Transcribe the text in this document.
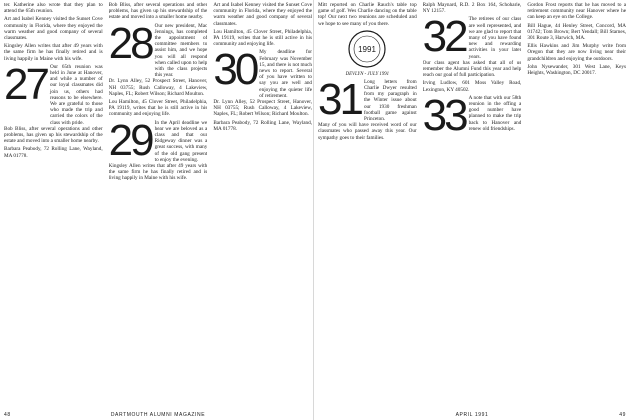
ter. Katherine also wrote that they plan to attend the 65th reunion.
Art and Isabel Kenney visited the Sunset Cove community in Florida, where they enjoyed the warm weather and good company of several classmates.
Kingsley Allen writes that after 49 years with the same firm he has finally retired and is living happily in Maine with his wife.
27 Our 65th reunion was held in June at Hanover, and while a number of our loyal classmates did join us, others had reasons to be elsewhere. We are grateful to those who made the trip and carried the colors of the class with pride.
Bob Bliss, after several operations and other problems, has given up his stewardship of the estate and moved into a smaller home nearby.
Barbara Peabody, 72 Rolling Lane, Wayland, MA 01778.
Bob Bliss, after several operations and other problems, has given up his stewardship of the estate and moved into a smaller home nearby.
28 Our new president, Mac Jennings, has completed the appointment of committee members to assist him, and we hope you will all respond when called upon to help with the class projects this year.
Dr. Lynn Alley, 52 Prospect Street, Hanover, NH 03755; Rush Calloway, 4 Lakeview, Naples, FL; Robert Wilson; Richard Moulton.
Lou Hamilton, 45 Clover Street, Philadelphia, PA 19119, writes that he is still active in his community and enjoying life.
29 In the April deadline we hear we are beloved as a class and that our Ridgeway dinner was a great success, with many of the old gang present to enjoy the evening.
Kingsley Allen writes that after 49 years with the same firm he has finally retired and is living happily in Maine with his wife.
Art and Isabel Kenney visited the Sunset Cove community in Florida, where they enjoyed the warm weather and good company of several classmates.
Lou Hamilton, 45 Clover Street, Philadelphia, PA 19119, writes that he is still active in his community and enjoying life.
30 My deadline for February was November 15, and there is not much news to report. Several of you have written to say you are well and enjoying the quieter life of retirement.
Dr. Lynn Alley, 52 Prospect Street, Hanover, NH 03755; Rush Calloway, 4 Lakeview, Naples, FL; Robert Wilson; Richard Moulton.
Barbara Peabody, 72 Rolling Lane, Wayland, MA 01778.
48	DARTMOUTH ALUMNI MAGAZINE
Mitt reported on Charlie Rauch's table top game of golf. Wes Charlie dancing on the table top! Our next two reunions are scheduled and we hope to see many of you there.
1991
DEVLYN - JULY 1991
31 Long letters from Charlie Dwyer resulted from my paragraph in the Winter issue about our 1930 freshman football game against Princeton.
Many of you will have received word of our classmates who passed away this year. Our sympathy goes to their families.
Ralph Maynard, R.D. 2 Box 164, Schoharie, NY 12157.
32 The retirees of our class are well represented, and we are glad to report that many of you have found new and rewarding activities in your later years.
Our class agent has asked that all of us remember the Alumni Fund this year and help reach our goal of full participation.
Irving Ludlow, 601 Moss Valley Road, Lexington, KY 40502.
33 A note that with our 58th reunion in the offing a good number have planned to make the trip back to Hanover and renew old friendships.
Gordon Frost reports that he has moved to a retirement community near Hanover where he can keep an eye on the College.
Bill Hague, 44 Henley Street, Concord, MA 01742; Tom Brown; Bert Yendall; Bill Starnes, 301 Route 3, Harwich, MA.
Ellis Hawkins and Jim Murphy write from Oregon that they are now living near their grandchildren and enjoying the outdoors.
John Nysewander, 301 West Lane, Keys Heights, Washington, DC 20017.
APRIL 1991	49
